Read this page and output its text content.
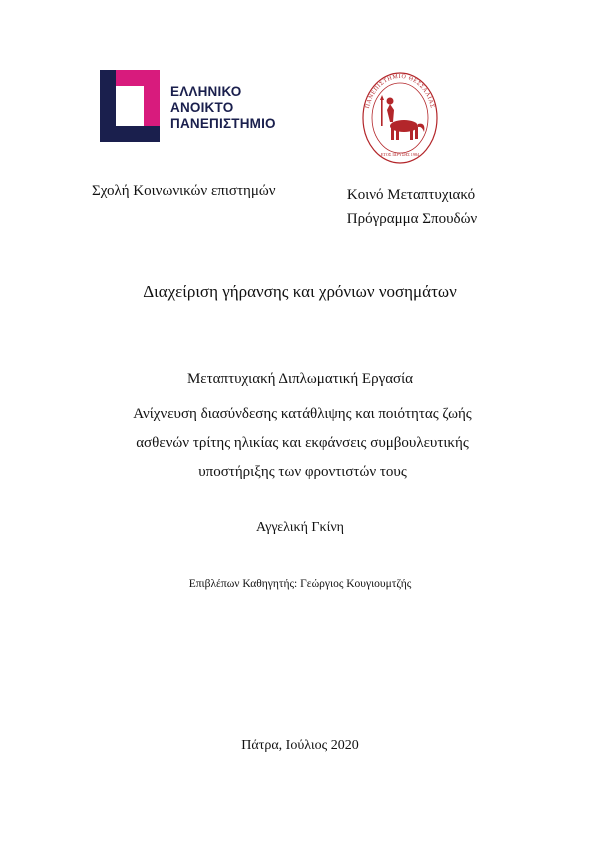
ΕΛΛΗΝΙΚΟ
ΑΝΟΙΚΤΟ
ΠΑΝΕΠΙΣΤΗΜΙΟ
ΠΑΝΕΠΙΣΤΗΜΙΟ ΘΕΣΣΑΛΙΑΣ
ΕΤΟΣ ΙΔΡΥΣΗΣ 1984
Σχολή Κοινωνικών επιστημών	Κοινό Μεταπτυχιακό
Πρόγραμμα Σπουδών
Διαχείριση γήρανσης και χρόνιων νοσημάτων
Μεταπτυχιακή Διπλωματική Εργασία
Ανίχνευση διασύνδεσης κατάθλιψης και ποιότητας ζωής
ασθενών τρίτης ηλικίας και εκφάνσεις συμβουλευτικής
υποστήριξης των φροντιστών τους
Αγγελική Γκίνη
Επιβλέπων Καθηγητής: Γεώργιος Κουγιουμτζής
Πάτρα, Ιούλιος 2020
